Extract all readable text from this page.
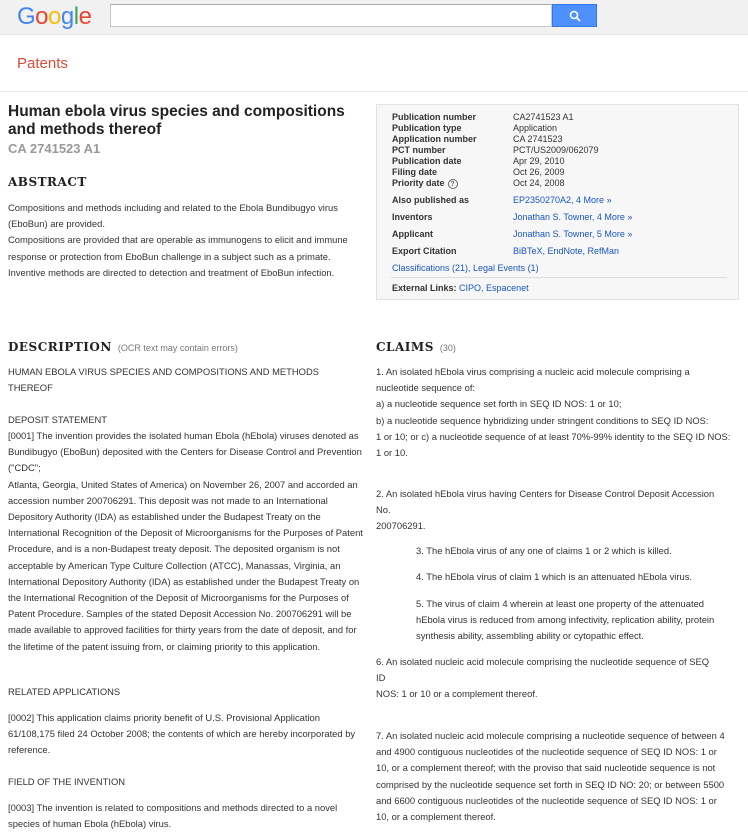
Google
Patents
Human ebola virus species and compositions and methods thereof
CA 2741523 A1
ABSTRACT
Compositions and methods including and related to the Ebola Bundibugyo virus (EboBun) are provided.
Compositions are provided that are operable as immunogens to elicit and immune response or protection from EboBun challenge in a subject such as a primate. Inventive methods are directed to detection and treatment of EboBun infection.
Publication number	CA2741523 A1
Publication type	Application
Application number	CA 2741523
PCT number	PCT/US2009/062079
Publication date	Apr 29, 2010
Filing date	Oct 26, 2009
Priority date ?	Oct 24, 2008
Also published as	EP2350270A2, 4 More »
Inventors	Jonathan S. Towner, 4 More »
Applicant	Jonathan S. Towner, 5 More »
Export Citation	BiBTeX, EndNote, RefMan
Classifications (21), Legal Events (1)
External Links: CIPO, Espacenet
DESCRIPTION (OCR text may contain errors)
HUMAN EBOLA VIRUS SPECIES AND COMPOSITIONS AND METHODS THEREOF
DEPOSIT STATEMENT
[0001] The invention provides the isolated human Ebola (hEbola) viruses denoted as Bundibugyo (EboBun) deposited with the Centers for Disease Control and Prevention ("CDC";
Atlanta, Georgia, United States of America) on November 26, 2007 and accorded an accession number 200706291. This deposit was not made to an International Depository Authority (IDA) as established under the Budapest Treaty on the International Recognition of the Deposit of Microorganisms for the Purposes of Patent Procedure, and is a non-Budapest treaty deposit. The deposited organism is not acceptable by American Type Culture Collection (ATCC), Manassas, Virginia, an International Depository Authority (IDA) as established under the Budapest Treaty on the International Recognition of the Deposit of Microorganisms for the Purposes of Patent Procedure. Samples of the stated Deposit Accession No. 200706291 will be made available to approved facilities for thirty years from the date of deposit, and for the lifetime of the patent issuing from, or claiming priority to this application.
RELATED APPLICATIONS
[0002] This application claims priority benefit of U.S. Provisional Application 61/108,175 filed 24 October 2008; the contents of which are hereby incorporated by reference.
FIELD OF THE INVENTION
[0003] The invention is related to compositions and methods directed to a novel species of human Ebola (hEbola) virus.
CLAIMS (30)
1. An isolated hEbola virus comprising a nucleic acid molecule comprising a nucleotide sequence of:
a) a nucleotide sequence set forth in SEQ ID NOS: 1 or 10;
b) a nucleotide sequence hybridizing under stringent conditions to SEQ ID NOS:
1 or 10; or c) a nucleotide sequence of at least 70%-99% identity to the SEQ ID NOS: 1 or 10.
2. An isolated hEbola virus having Centers for Disease Control Deposit Accession No.
200706291.
3. The hEbola virus of any one of claims 1 or 2 which is killed.
4. The hEbola virus of claim 1 which is an attenuated hEbola virus.
5. The virus of claim 4 wherein at least one property of the attenuated hEbola virus is reduced from among infectivity, replication ability, protein synthesis ability, assembling ability or cytopathic effect.
6. An isolated nucleic acid molecule comprising the nucleotide sequence of SEQ
ID
NOS: 1 or 10 or a complement thereof.
7. An isolated nucleic acid molecule comprising a nucleotide sequence of between 4 and 4900 contiguous nucleotides of the nucleotide sequence of SEQ ID NOS: 1 or 10, or a complement thereof; with the proviso that said nucleotide sequence is not comprised by the nucleotide sequence set forth in SEQ ID NO: 20; or between 5500 and 6600 contiguous nucleotides of the nucleotide sequence of SEQ ID NOS: 1 or 10, or a complement thereof.
